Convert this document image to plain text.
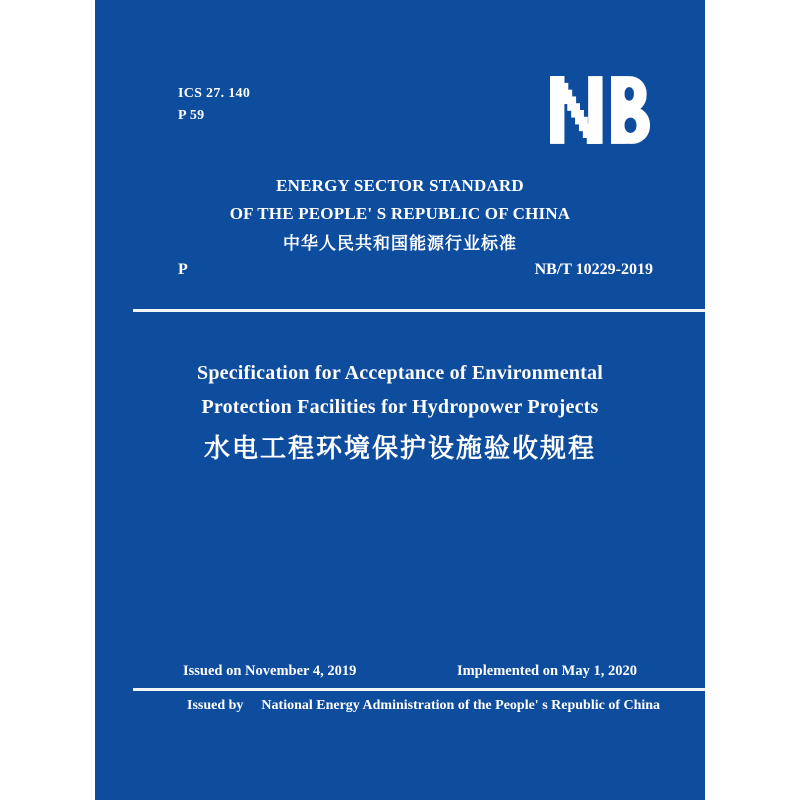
ICS 27. 140
P 59
ENERGY SECTOR STANDARD
OF THE PEOPLE' S REPUBLIC OF CHINA
中华人民共和国能源行业标准
P	NB/T 10229-2019
Specification for Acceptance of Environmental
Protection Facilities for Hydropower Projects
水电工程环境保护设施验收规程
Issued on November 4, 2019	Implemented on May 1, 2020
Issued by National Energy Administration of the People' s Republic of China
